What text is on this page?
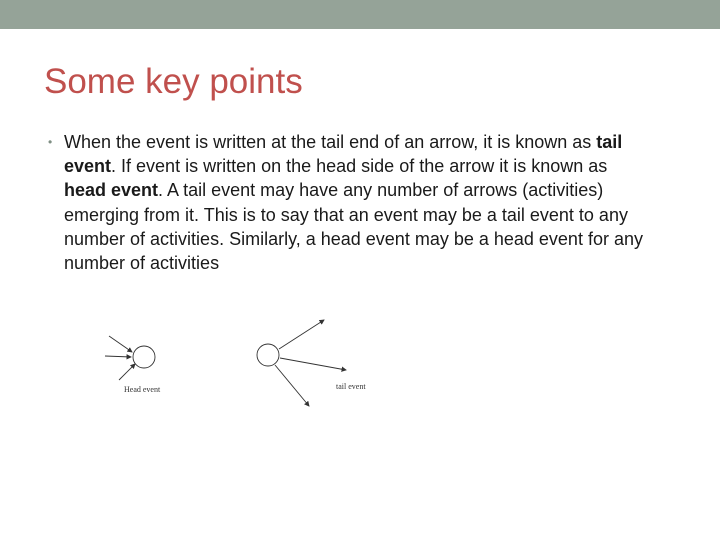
Some key points
• When the event is written at the tail end of an arrow, it is known as tail event. If event is written on the head side of the arrow it is known as head event. A tail event may have any number of arrows (activities) emerging from it. This is to say that an event may be a tail event to any number of activities. Similarly, a head event may be a head event for any number of activities
Head event	tail event
